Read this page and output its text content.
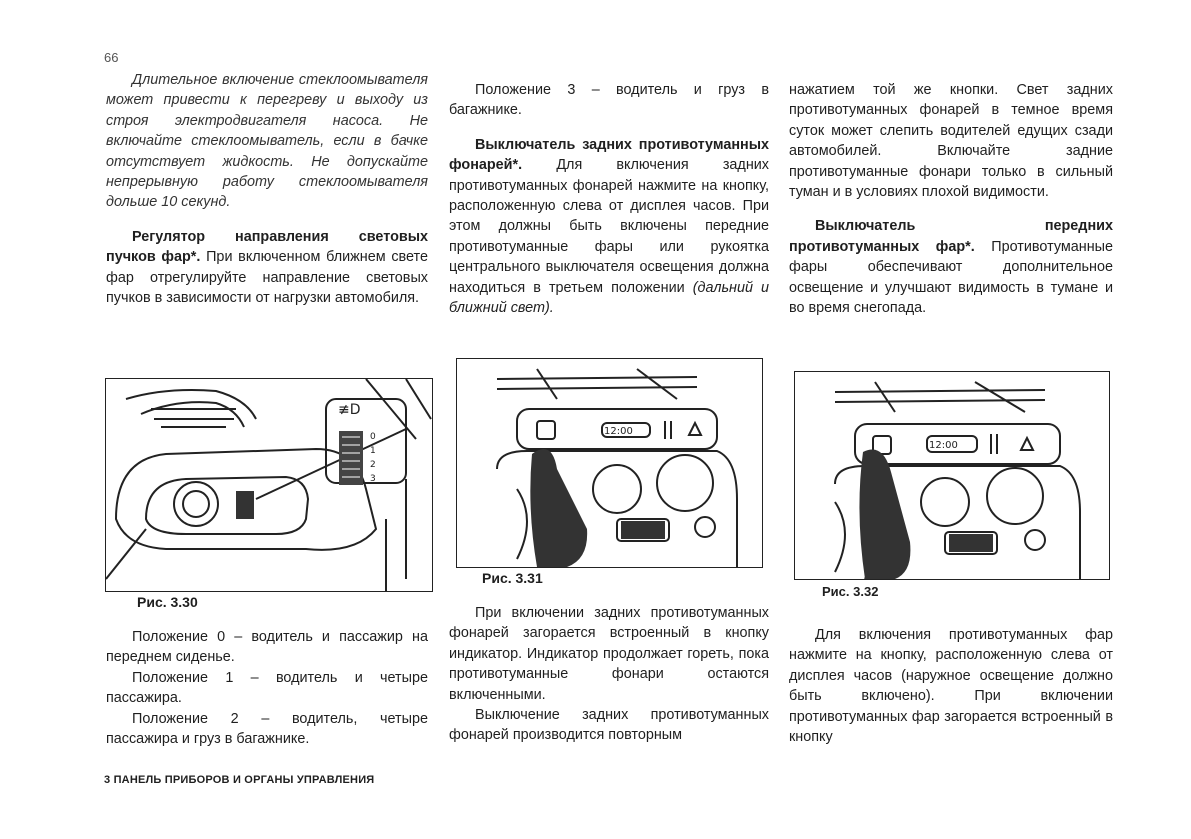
66

Длительное включение стеклоомывателя может привести к перегреву и выходу из строя электродвигателя насоса. Не включайте стеклоомыватель, если в бачке отсутствует жидкость. Не допускайте непрерывную работу стеклоомывателя дольше 10 секунд.

Регулятор направления световых пучков фар*. При включенном ближнем свете фар отрегулируйте направление световых пучков в зависимости от нагрузки автомобиля.

≢D
0
1
2
3
Рис. 3.30

Положение 0 – водитель и пассажир на переднем сиденье.

Положение 1 – водитель и четыре пассажира.

Положение 2 – водитель, четыре пассажира и груз в багажнике.

Положение 3 – водитель и груз в багажнике.

Выключатель задних противотуманных фонарей*. Для включения задних противотуманных фонарей нажмите на кнопку, расположенную слева от дисплея часов. При этом должны быть включены передние противотуманные фары или рукоятка центрального выключателя освещения должна находиться в третьем положении (дальний и ближний свет).

12:00
Рис. 3.31

При включении задних противотуманных фонарей загорается встроенный в кнопку индикатор. Индикатор продолжает гореть, пока противотуманные фонари остаются включенными.

Выключение задних противотуманных фонарей производится повторным

нажатием той же кнопки. Свет задних противотуманных фонарей в темное время суток может слепить водителей едущих сзади автомобилей. Включайте задние противотуманные фонари только в сильный туман и в условиях плохой видимости.

Выключатель передних противотуманных фар*. Противотуманные фары обеспечивают дополнительное освещение и улучшают видимость в тумане и во время снегопада.

12:00
Рис. 3.32

Для включения противотуманных фар нажмите на кнопку, расположенную слева от дисплея часов (наружное освещение должно быть включено). При включении противотуманных фар загорается встроенный в кнопку

3 ПАНЕЛЬ ПРИБОРОВ И ОРГАНЫ УПРАВЛЕНИЯ
